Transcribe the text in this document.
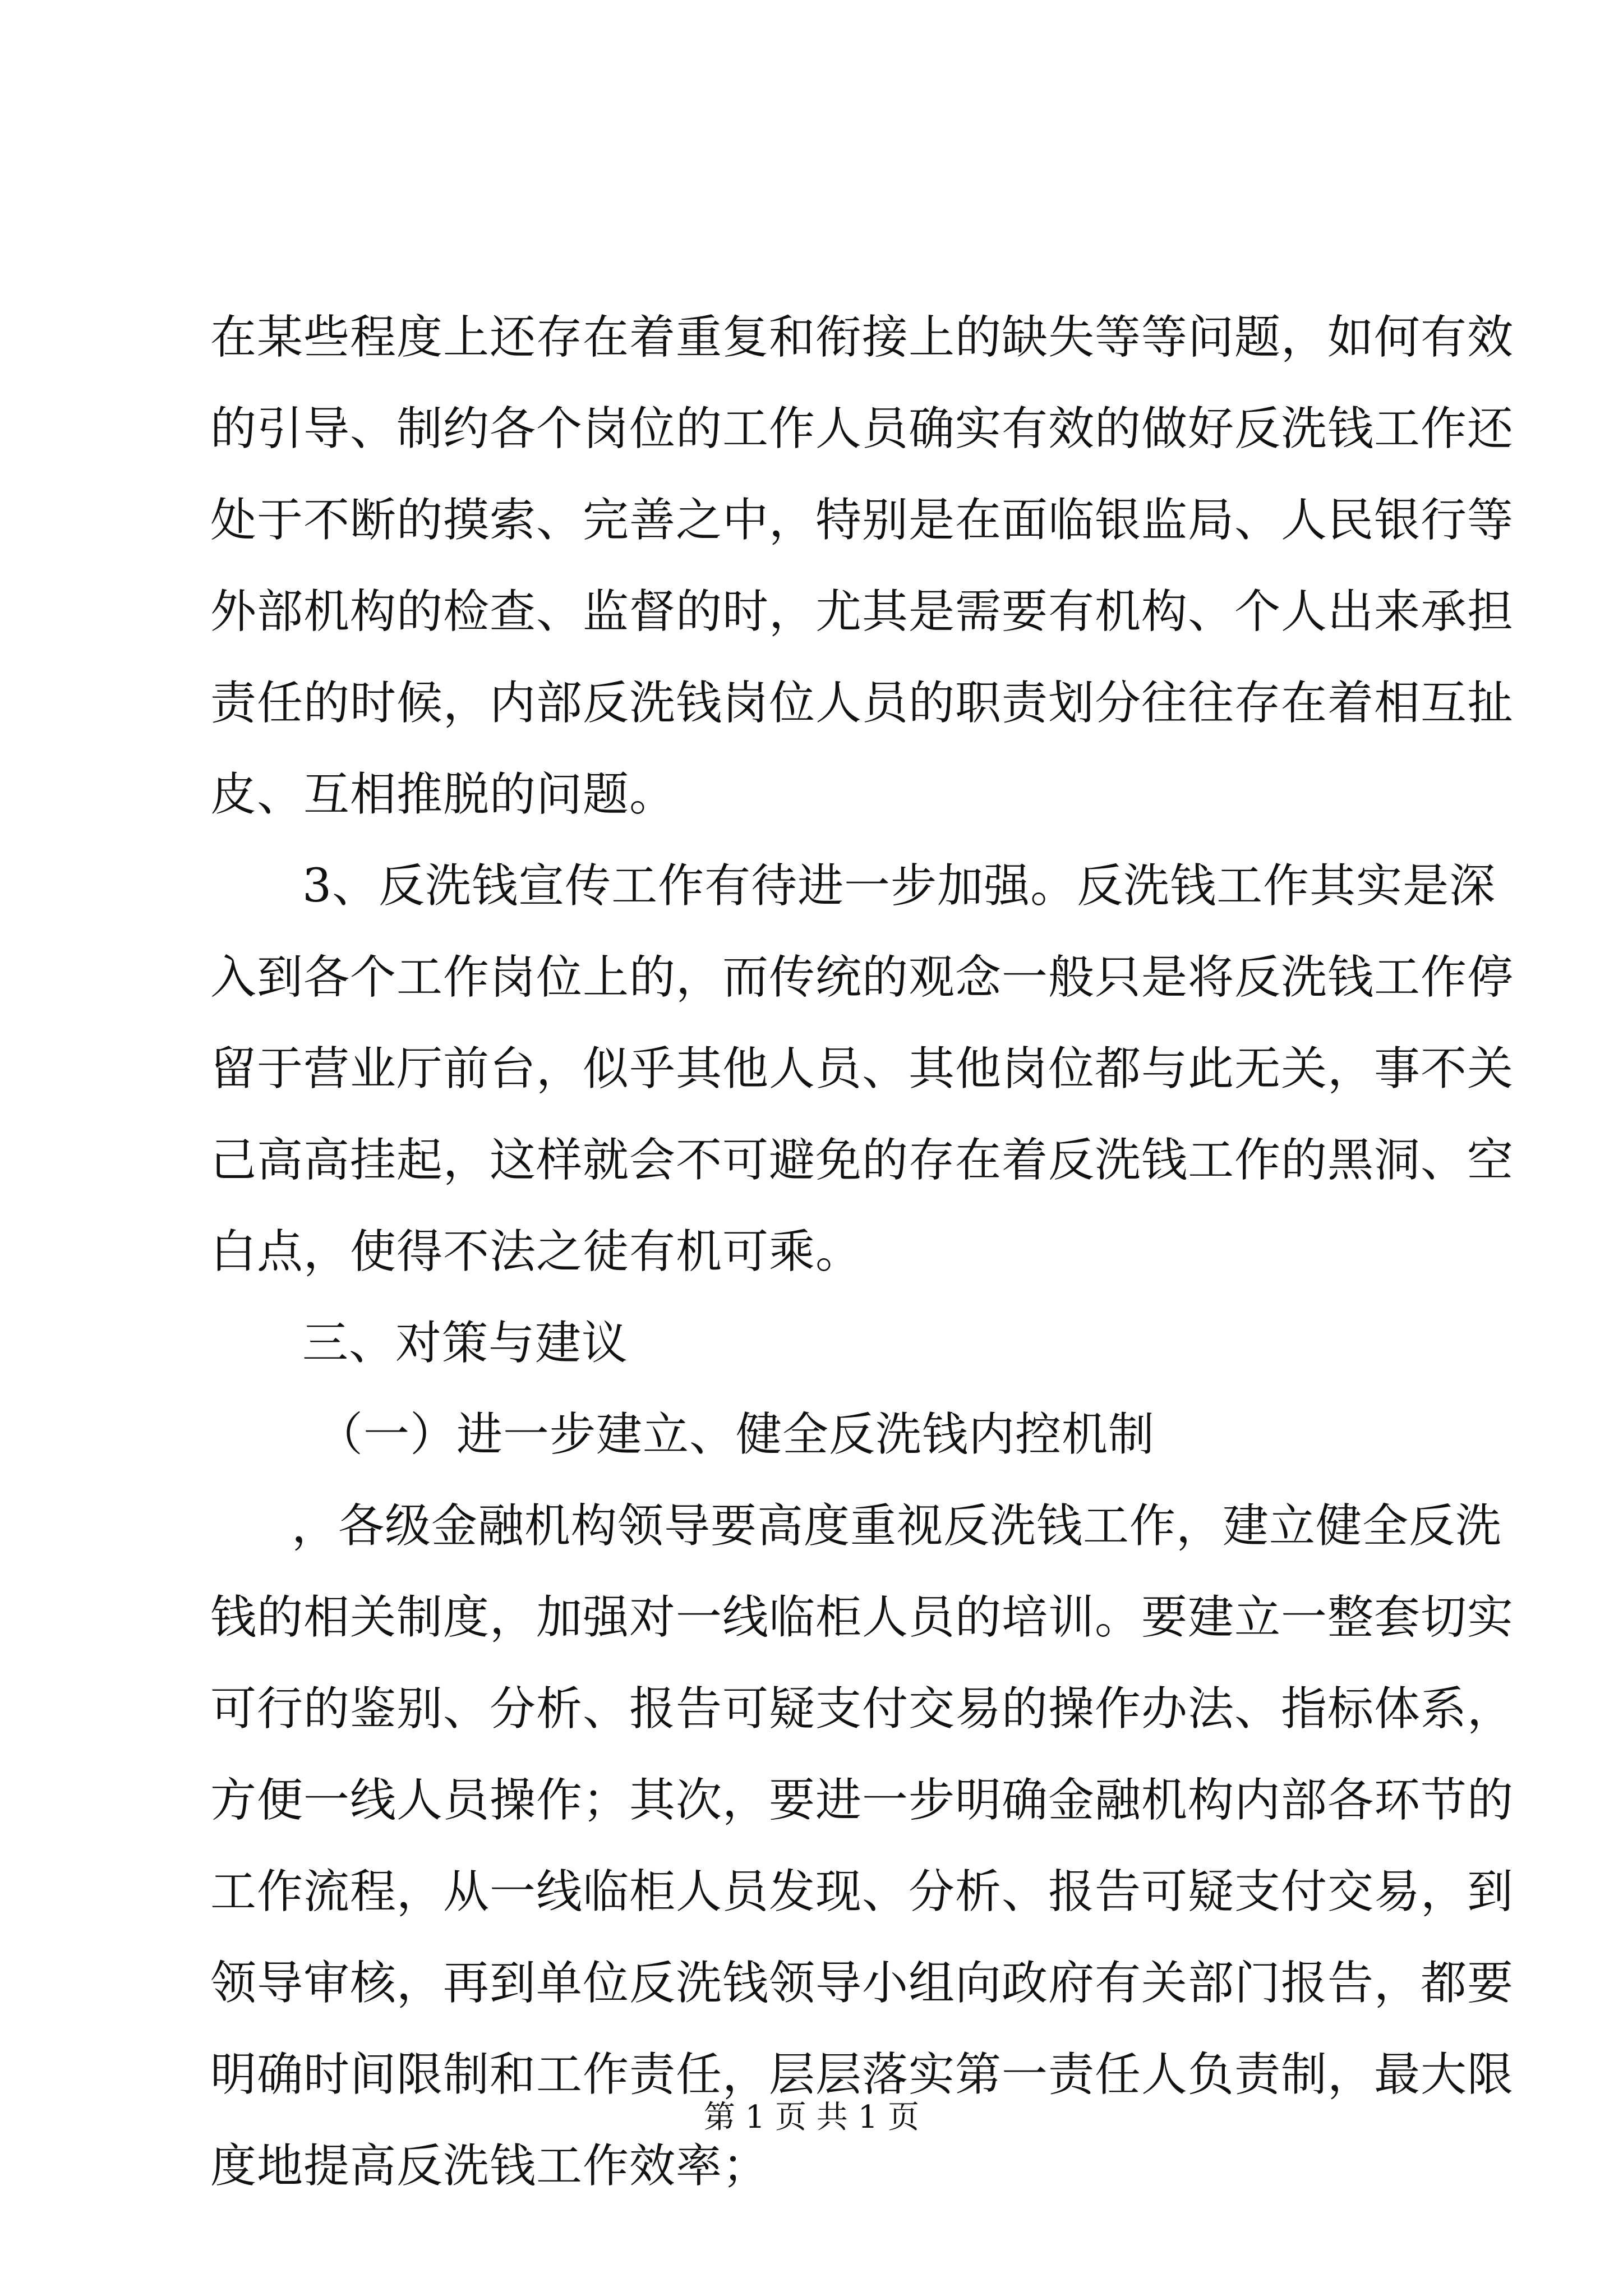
在某些程度上还存在着重复和衔接上的缺失等等问题，如何有效
的引导、制约各个岗位的工作人员确实有效的做好反洗钱工作还
处于不断的摸索、完善之中，特别是在面临银监局、人民银行等
外部机构的检查、监督的时，尤其是需要有机构、个人出来承担
责任的时候，内部反洗钱岗位人员的职责划分往往存在着相互扯
皮、互相推脱的问题。
3、反洗钱宣传工作有待进一步加强。反洗钱工作其实是深
入到各个工作岗位上的，而传统的观念一般只是将反洗钱工作停
留于营业厅前台，似乎其他人员、其他岗位都与此无关，事不关
己高高挂起，这样就会不可避免的存在着反洗钱工作的黑洞、空
白点，使得不法之徒有机可乘。
三、对策与建议
（一）进一步建立、健全反洗钱内控机制
，各级金融机构领导要高度重视反洗钱工作，建立健全反洗
钱的相关制度，加强对一线临柜人员的培训。要建立一整套切实
可行的鉴别、分析、报告可疑支付交易的操作办法、指标体系，
方便一线人员操作；其次，要进一步明确金融机构内部各环节的
工作流程，从一线临柜人员发现、分析、报告可疑支付交易，到
领导审核，再到单位反洗钱领导小组向政府有关部门报告，都要
明确时间限制和工作责任，层层落实第一责任人负责制，最大限
度地提高反洗钱工作效率；
第 1 页 共 1 页
